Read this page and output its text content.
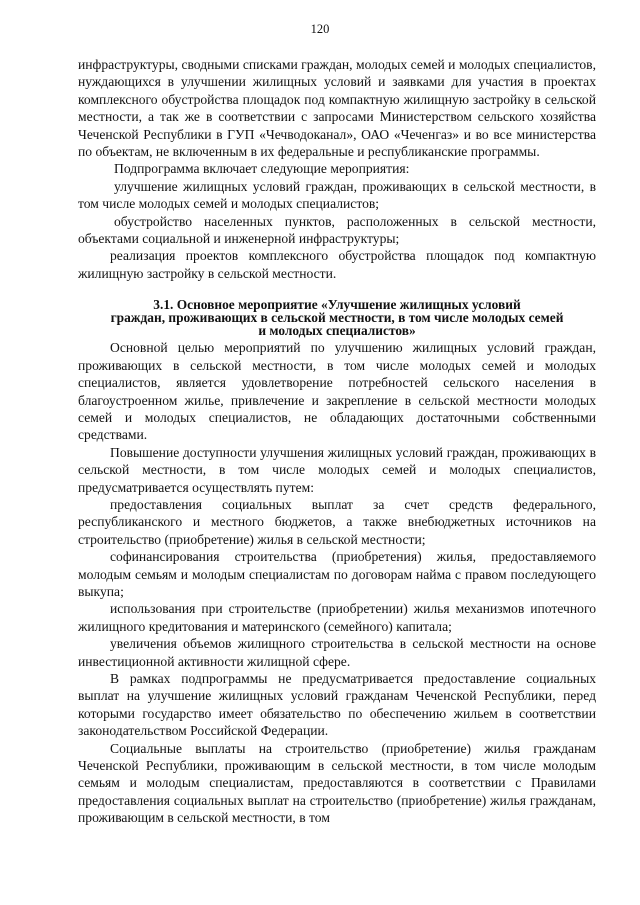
120

инфраструктуры, сводными списками граждан, молодых семей и молодых специалистов, нуждающихся в улучшении жилищных условий и заявками для участия в проектах комплексного обустройства площадок под компактную жилищную застройку в сельской местности, а так же в соответствии с запросами Министерством сельского хозяйства Чеченской Республики в ГУП «Чечводоканал», ОАО «Чеченгаз» и во все министерства по объектам, не включенным в их федеральные и республиканские программы.

Подпрограмма включает следующие мероприятия:

улучшение жилищных условий граждан, проживающих в сельской местности, в том числе молодых семей и молодых специалистов;

обустройство населенных пунктов, расположенных в сельской местности, объектами социальной и инженерной инфраструктуры;

реализация проектов комплексного обустройства площадок под компактную жилищную застройку в сельской местности.

3.1. Основное мероприятие «Улучшение жилищных условий
граждан, проживающих в сельской местности, в том числе молодых семей
и молодых специалистов»

Основной целью мероприятий по улучшению жилищных условий граждан, проживающих в сельской местности, в том числе молодых семей и молодых специалистов, является удовлетворение потребностей сельского населения в благоустроенном жилье, привлечение и закрепление в сельской местности молодых семей и молодых специалистов, не обладающих достаточными собственными средствами.

Повышение доступности улучшения жилищных условий граждан, проживающих в сельской местности, в том числе молодых семей и молодых специалистов, предусматривается осуществлять путем:

предоставления социальных выплат за счет средств федерального, республиканского и местного бюджетов, а также внебюджетных источников на строительство (приобретение) жилья в сельской местности;

софинансирования строительства (приобретения) жилья, предоставляемого молодым семьям и молодым специалистам по договорам найма с правом последующего выкупа;

использования при строительстве (приобретении) жилья механизмов ипотечного жилищного кредитования и материнского (семейного) капитала;

увеличения объемов жилищного строительства в сельской местности на основе инвестиционной активности жилищной сфере.

В рамках подпрограммы не предусматривается предоставление социальных выплат на улучшение жилищных условий гражданам Чеченской Республики, перед которыми государство имеет обязательство по обеспечению жильем в соответствии законодательством Российской Федерации.

Социальные выплаты на строительство (приобретение) жилья гражданам Чеченской Республики, проживающим в сельской местности, в том числе молодым семьям и молодым специалистам, предоставляются в соответствии с Правилами предоставления социальных выплат на строительство (приобретение) жилья гражданам, проживающим в сельской местности, в том
